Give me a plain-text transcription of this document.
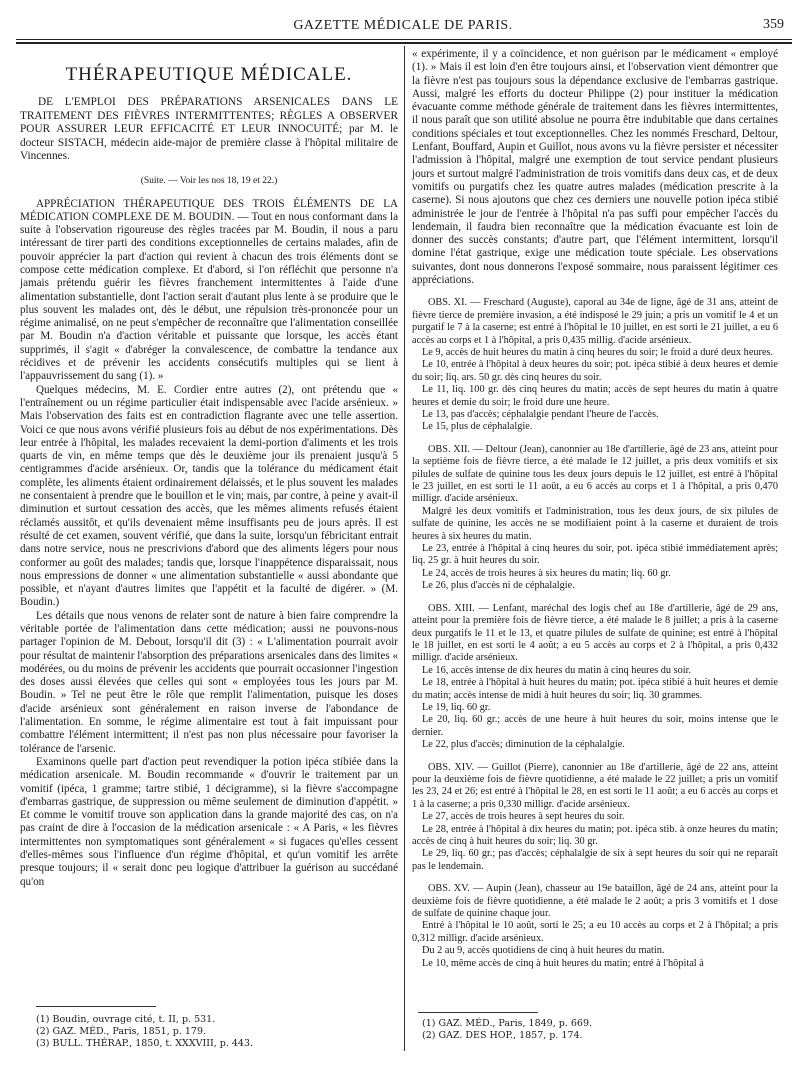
GAZETTE MÉDICALE DE PARIS.	359
THÉRAPEUTIQUE MÉDICALE.

DE L'EMPLOI DES PRÉPARATIONS ARSENICALES DANS LE TRAITEMENT DES FIÈVRES INTERMITTENTES; RÈGLES A OBSERVER POUR ASSURER LEUR EFFICACITÉ ET LEUR INNOCUITÉ; par M. le docteur SISTACH, médecin aide-major de première classe à l'hôpital militaire de Vincennes.

(Suite. — Voir les nos 18, 19 et 22.)

APPRÉCIATION THÉRAPEUTIQUE DES TROIS ÉLÉMENTS DE LA MÉDICATION COMPLEXE DE M. BOUDIN. — Tout en nous conformant dans la suite à l'observation rigoureuse des règles tracées par M. Boudin, il nous a paru intéressant de tirer parti des conditions exceptionnelles de certains malades, afin de pouvoir apprécier la part d'action qui revient à chacun des trois éléments dont se compose cette médication complexe. Et d'abord, si l'on réfléchit que personne n'a jamais prétendu guérir les fièvres franchement intermittentes à l'aide d'une alimentation substantielle, dont l'action serait d'autant plus lente à se produire que le plus souvent les malades ont, dès le début, une répulsion très-prononcée pour un régime animalisé, on ne peut s'empêcher de reconnaître que l'alimentation conseillée par M. Boudin n'a d'action véritable et puissante que lorsque, les accès étant supprimés, il s'agit « d'abréger la convalescence, de combattre la tendance aux récidives et de prévenir les accidents consécutifs multiples qui se lient à l'appauvrissement du sang (1). »

Quelques médecins, M. E. Cordier entre autres (2), ont prétendu que « l'entraînement ou un régime particulier était indispensable avec l'acide arsénieux. » Mais l'observation des faits est en contradiction flagrante avec une telle assertion. Voici ce que nous avons vérifié plusieurs fois au début de nos expérimentations. Dès leur entrée à l'hôpital, les malades recevaient la demi-portion d'aliments et les trois quarts de vin, en même temps que dès le deuxième jour ils prenaient jusqu'à 5 centigrammes d'acide arsénieux. Or, tandis que la tolérance du médicament était complète, les aliments étaient ordinairement délaissés, et le plus souvent les malades ne consentaient à prendre que le bouillon et le vin; mais, par contre, à peine y avait-il diminution et surtout cessation des accès, que les mêmes aliments refusés étaient réclamés aussitôt, et qu'ils devenaient même insuffisants peu de jours après. Il est résulté de cet examen, souvent vérifié, que dans la suite, lorsqu'un fébricitant entrait dans notre service, nous ne prescrivions d'abord que des aliments légers pour nous conformer au goût des malades; tandis que, lorsque l'inappétence disparaissait, nous nous empressions de donner « une alimentation substantielle « aussi abondante que possible, et n'ayant d'autres limites que l'appétit et la faculté de digérer. » (M. Boudin.)

Les détails que nous venons de relater sont de nature à bien faire comprendre la véritable portée de l'alimentation dans cette médication; aussi ne pouvons-nous partager l'opinion de M. Debout, lorsqu'il dit (3) : « L'alimentation pourrait avoir pour résultat de maintenir l'absorption des préparations arsenicales dans des limites « modérées, ou du moins de prévenir les accidents que pourrait occasionner l'ingestion des doses aussi élevées que celles qui sont « employées tous les jours par M. Boudin. » Tel ne peut être le rôle que remplit l'alimentation, puisque les doses d'acide arsénieux sont généralement en raison inverse de l'abondance de l'alimentation. En somme, le régime alimentaire est tout à fait impuissant pour combattre l'élément intermittent; il n'est pas non plus nécessaire pour favoriser la tolérance de l'arsenic.

Examinons quelle part d'action peut revendiquer la potion ipéca stibiée dans la médication arsenicale. M. Boudin recommande « d'ouvrir le traitement par un vomitif (ipéca, 1 gramme; tartre stibié, 1 décigramme), si la fièvre s'accompagne d'embarras gastrique, de suppression ou même seulement de diminution d'appétit. » Et comme le vomitif trouve son application dans la grande majorité des cas, on n'a pas craint de dire à l'occasion de la médication arsenicale : « A Paris, « les fièvres intermittentes non symptomatiques sont généralement « si fugaces qu'elles cessent d'elles-mêmes sous l'influence d'un régime d'hôpital, et qu'un vomitif les arrête presque toujours; il « serait donc peu logique d'attribuer la guérison au succédané qu'on

(1) Boudin, ouvrage cité, t. II, p. 531.
(2) GAZ. MÉD., Paris, 1851, p. 179.
(3) BULL. THÉRAP., 1850, t. XXXVIII, p. 443.

« expérimente, il y a coïncidence, et non guérison par le médicament « employé (1). » Mais il est loin d'en être toujours ainsi, et l'observation vient démontrer que la fièvre n'est pas toujours sous la dépendance exclusive de l'embarras gastrique. Aussi, malgré les efforts du docteur Philippe (2) pour instituer la médication évacuante comme méthode générale de traitement dans les fièvres intermittentes, il nous paraît que son utilité absolue ne pourra être indubitable que dans certaines conditions spéciales et tout exceptionnelles. Chez les nommés Freschard, Deltour, Lenfant, Bouffard, Aupin et Guillot, nous avons vu la fièvre persister et nécessiter l'admission à l'hôpital, malgré une exemption de tout service pendant plusieurs jours et surtout malgré l'administration de trois vomitifs dans deux cas, et de deux vomitifs ou purgatifs chez les quatre autres malades (médication prescrite à la caserne). Si nous ajoutons que chez ces derniers une nouvelle potion ipéca stibié administrée le jour de l'entrée à l'hôpital n'a pas suffi pour empêcher l'accès du lendemain, il faudra bien reconnaître que la médication évacuante est loin de donner des succès constants; d'autre part, que l'élément intermittent, lorsqu'il domine l'état gastrique, exige une médication toute spéciale. Les observations suivantes, dont nous donnerons l'exposé sommaire, nous paraissent légitimer ces appréciations.

OBS. XI. — Freschard (Auguste), caporal au 34e de ligne, âgé de 31 ans, atteint de fièvre tierce de première invasion, a été indisposé le 29 juin; a pris un vomitif le 4 et un purgatif le 7 à la caserne; est entré à l'hôpital le 10 juillet, en est sorti le 21 juillet, a eu 6 accès au corps et 1 à l'hôpital, a pris 0,435 millig. d'acide arsénieux.

Le 9, accès de huit heures du matin à cinq heures du soir; le froid a duré deux heures.

Le 10, entrée à l'hôpital à deux heures du soir; pot. ipéca stibié à deux heures et demie du soir; liq. ars. 50 gr. dès cinq heures du soir.

Le 11, liq. 100 gr. dès cinq heures du matin; accès de sept heures du matin à quatre heures et demie du soir; le froid dure une heure.

Le 13, pas d'accès; céphalalgie pendant l'heure de l'accès.

Le 15, plus de céphalalgie.

OBS. XII. — Deltour (Jean), canonnier au 18e d'artillerie, âgé de 23 ans, atteint pour la septième fois de fièvre tierce, a été malade le 12 juillet, a pris deux vomitifs et six pilules de sulfate de quinine tous les deux jours depuis le 12 juillet, est entré à l'hôpital le 23 juillet, en est sorti le 11 août, a eu 6 accès au corps et 1 à l'hôpital, a pris 0,470 milligr. d'acide arsénieux.

Malgré les deux vomitifs et l'administration, tous les deux jours, de six pilules de sulfate de quinine, les accès ne se modifiaient point à la caserne et duraient de trois heures à six heures du matin.

Le 23, entrée à l'hôpital à cinq heures du soir, pot. ipéca stibié immédiatement après; liq. 25 gr. à huit heures du soir.

Le 24, accès de trois heures à six heures du matin; liq. 60 gr.

Le 26, plus d'accès ni de céphalalgie.

OBS. XIII. — Lenfant, maréchal des logis chef au 18e d'artillerie, âgé de 29 ans, atteint pour la première fois de fièvre tierce, a été malade le 8 juillet; a pris à la caserne deux purgatifs le 11 et le 13, et quatre pilules de sulfate de quinine; est entré à l'hôpital le 18 juillet, en est sorti le 4 août; a eu 5 accès au corps et 2 à l'hôpital, a pris 0,432 milligr. d'acide arsénieux.

Le 16, accès intense de dix heures du matin à cinq heures du soir.

Le 18, entrée à l'hôpital à huit heures du matin; pot. ipéca stibié à huit heures et demie du matin; accès intense de midi à huit heures du soir; liq. 30 grammes.

Le 19, liq. 60 gr.

Le 20, liq. 60 gr.; accès de une heure à huit heures du soir, moins intense que le dernier.

Le 22, plus d'accès; diminution de la céphalalgie.

OBS. XIV. — Guillot (Pierre), canonnier au 18e d'artillerie, âgé de 22 ans, atteint pour la deuxième fois de fièvre quotidienne, a été malade le 22 juillet; a pris un vomitif les 23, 24 et 26; est entré à l'hôpital le 28, en est sorti le 11 août; a eu 6 accès au corps et 1 à la caserne; a pris 0,330 milligr. d'acide arsénieux.

Le 27, accès de trois heures à sept heures du soir.

Le 28, entrée à l'hôpital à dix heures du matin; pot. ipéca stib. à onze heures du matin; accès de cinq à huit heures du soir; liq. 30 gr.

Le 29, liq. 60 gr.; pas d'accès; céphalalgie de six à sept heures du soir qui ne reparaît pas le lendemain.

OBS. XV. — Aupin (Jean), chasseur au 19e bataillon, âgé de 24 ans, atteint pour la deuxième fois de fièvre quotidienne, a été malade le 2 août; a pris 3 vomitifs et 1 dose de sulfate de quinine chaque jour.

Entré à l'hôpital le 10 août, sorti le 25; a eu 10 accès au corps et 2 à l'hôpital; a pris 0,312 milligr. d'acide arsénieux.

Du 2 au 9, accès quotidiens de cinq à huit heures du matin.

Le 10, même accès de cinq à huit heures du matin; entré à l'hôpital à

(1) GAZ. MÉD., Paris, 1849, p. 669.
(2) GAZ. DES HOP., 1857, p. 174.
